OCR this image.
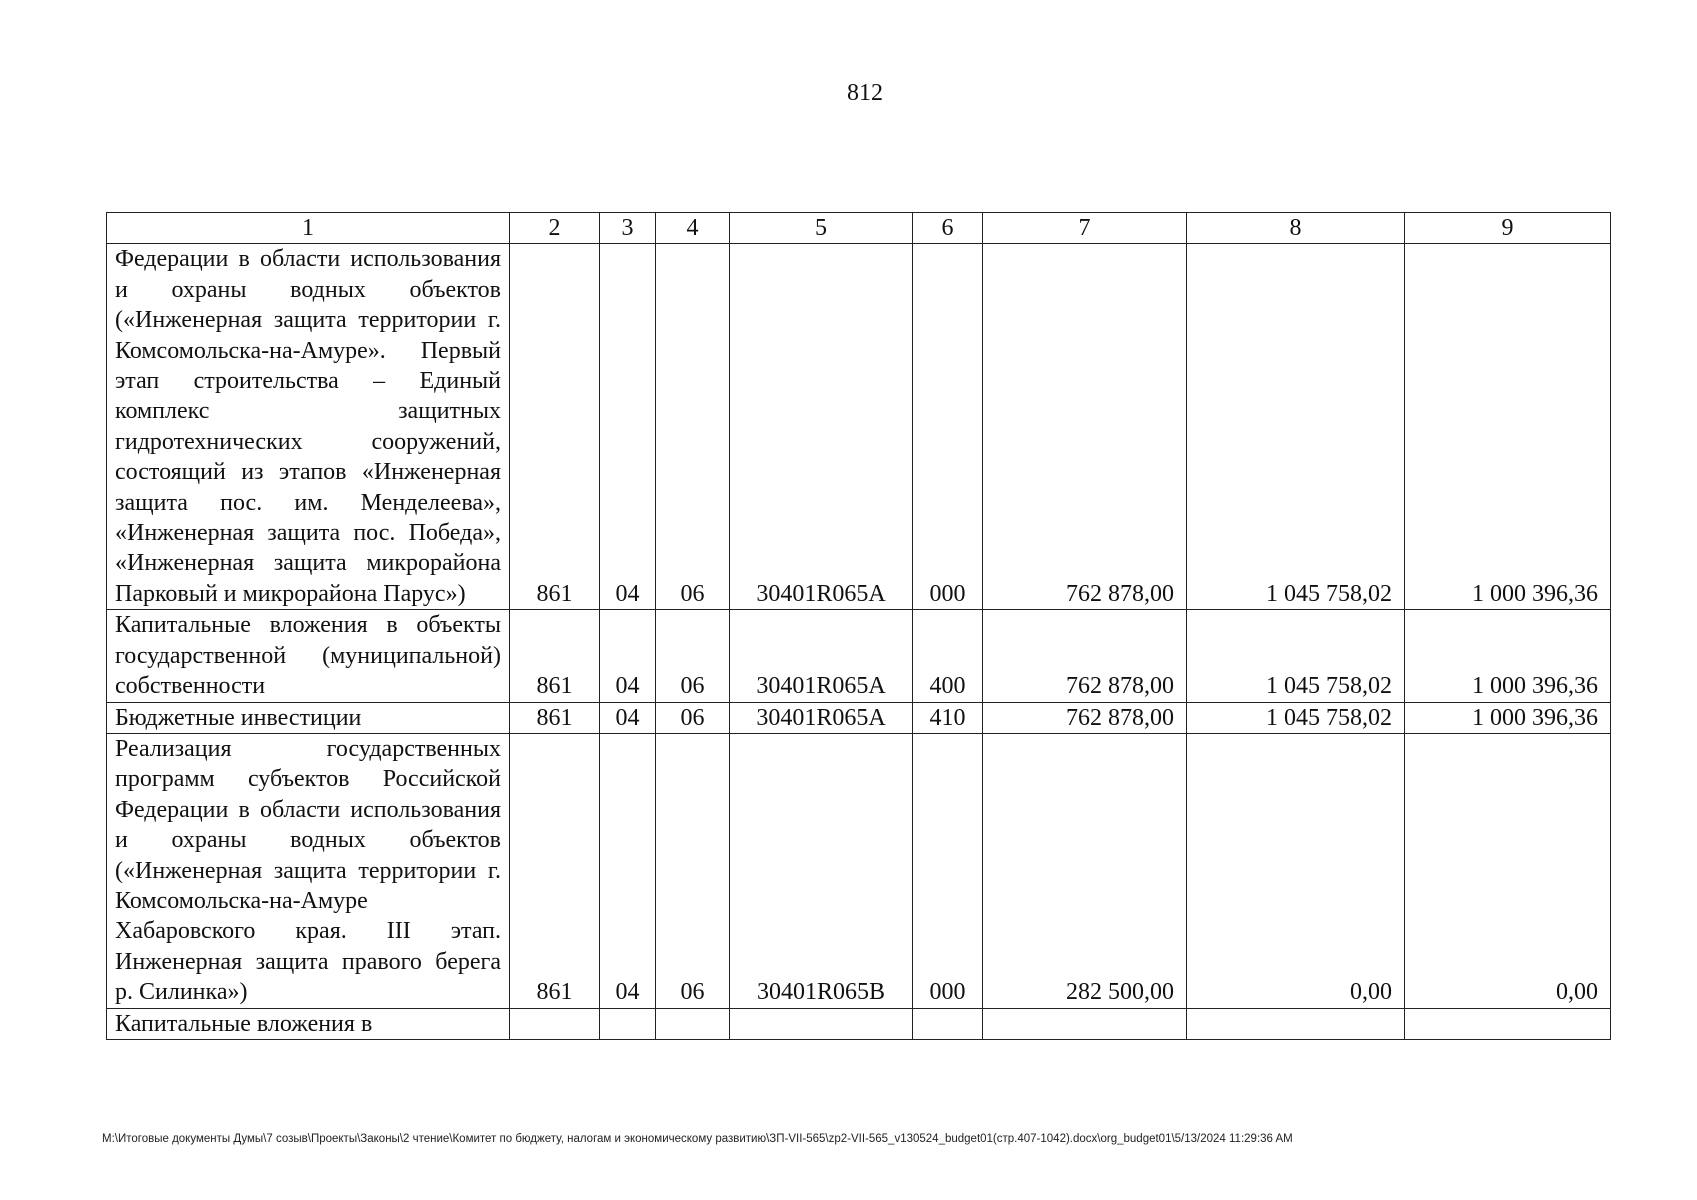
812
1	2	3	4	5	6	7	8	9
Федерации в области использования и охраны водных объектов («Инженерная защита территории г. Комсомольска-на-Амуре». Первый этап строительства – Единый комплекс защитных гидротехнических сооружений, состоящий из этапов «Инженерная защита пос. им. Менделеева», «Инженерная защита пос. Победа», «Инженерная защита микрорайона Парковый и микрорайона Парус»)	861	04	06	30401R065A	000	762 878,00	1 045 758,02	1 000 396,36
Капитальные вложения в объекты государственной (муниципальной) собственности	861	04	06	30401R065A	400	762 878,00	1 045 758,02	1 000 396,36
Бюджетные инвестиции	861	04	06	30401R065A	410	762 878,00	1 045 758,02	1 000 396,36
Реализация государственных программ субъектов Российской Федерации в области использования и охраны водных объектов («Инженерная защита территории г. Комсомольска-на-Амуре Хабаровского края. III этап. Инженерная защита правого берега р. Силинка»)	861	04	06	30401R065B	000	282 500,00	0,00	0,00
Капитальные вложения в								
M:\Итоговые документы Думы\7 созыв\Проекты\Законы\2 чтение\Комитет по бюджету, налогам и экономическому развитию\ЗП-VII-565\zp2-VII-565_v130524_budget01(стр.407-1042).docx\org_budget01\5/13/2024 11:29:36 AM
